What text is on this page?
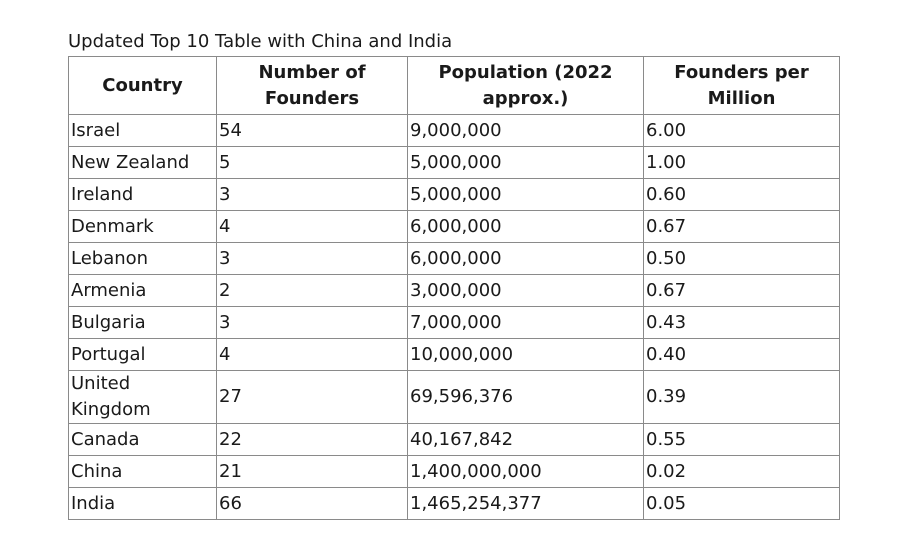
Updated Top 10 Table with China and India
Country	Number of Founders	Population (2022 approx.)	Founders per Million
Israel	54	9,000,000	6.00
New Zealand	5	5,000,000	1.00
Ireland	3	5,000,000	0.60
Denmark	4	6,000,000	0.67
Lebanon	3	6,000,000	0.50
Armenia	2	3,000,000	0.67
Bulgaria	3	7,000,000	0.43
Portugal	4	10,000,000	0.40
United Kingdom	27	69,596,376	0.39
Canada	22	40,167,842	0.55
China	21	1,400,000,000	0.02
India	66	1,465,254,377	0.05
